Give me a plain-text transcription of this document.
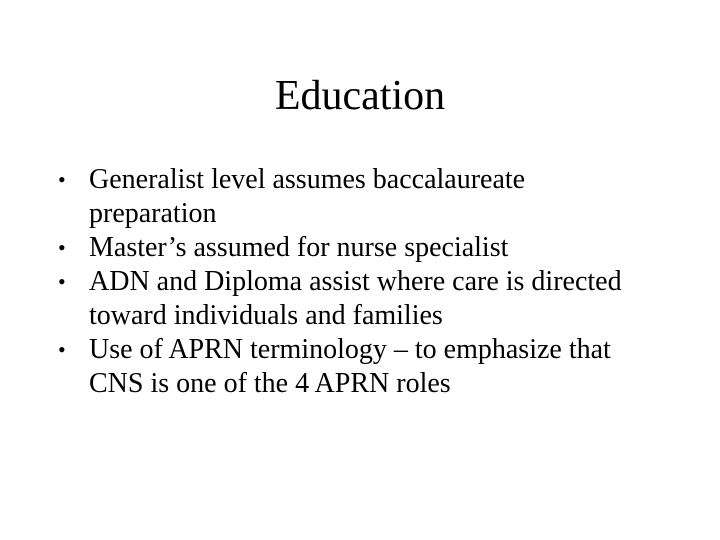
Education
• Generalist level assumes baccalaureate preparation
• Master’s assumed for nurse specialist
• ADN and Diploma assist where care is directed toward individuals and families
• Use of APRN terminology – to emphasize that CNS is one of the 4 APRN roles
